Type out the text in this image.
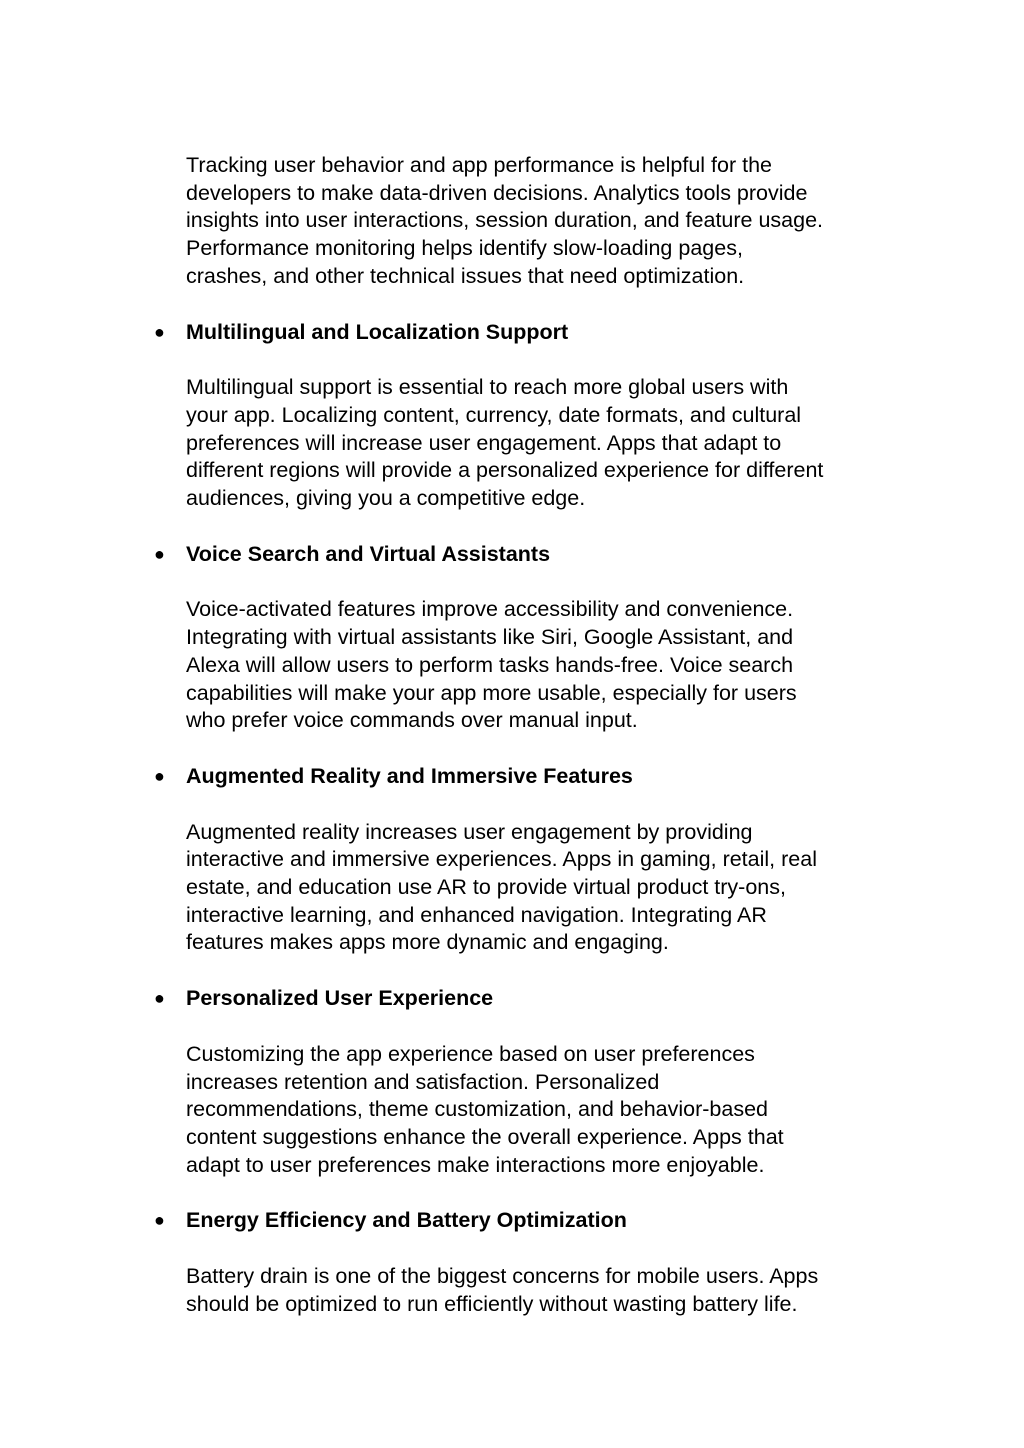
Tracking user behavior and app performance is helpful for the
developers to make data-driven decisions. Analytics tools provide
insights into user interactions, session duration, and feature usage.
Performance monitoring helps identify slow-loading pages,
crashes, and other technical issues that need optimization.

● Multilingual and Localization Support

Multilingual support is essential to reach more global users with
your app. Localizing content, currency, date formats, and cultural
preferences will increase user engagement. Apps that adapt to
different regions will provide a personalized experience for different
audiences, giving you a competitive edge.

● Voice Search and Virtual Assistants

Voice-activated features improve accessibility and convenience.
Integrating with virtual assistants like Siri, Google Assistant, and
Alexa will allow users to perform tasks hands-free. Voice search
capabilities will make your app more usable, especially for users
who prefer voice commands over manual input.

● Augmented Reality and Immersive Features

Augmented reality increases user engagement by providing
interactive and immersive experiences. Apps in gaming, retail, real
estate, and education use AR to provide virtual product try-ons,
interactive learning, and enhanced navigation. Integrating AR
features makes apps more dynamic and engaging.

● Personalized User Experience

Customizing the app experience based on user preferences
increases retention and satisfaction. Personalized
recommendations, theme customization, and behavior-based
content suggestions enhance the overall experience. Apps that
adapt to user preferences make interactions more enjoyable.

● Energy Efficiency and Battery Optimization

Battery drain is one of the biggest concerns for mobile users. Apps
should be optimized to run efficiently without wasting battery life.
